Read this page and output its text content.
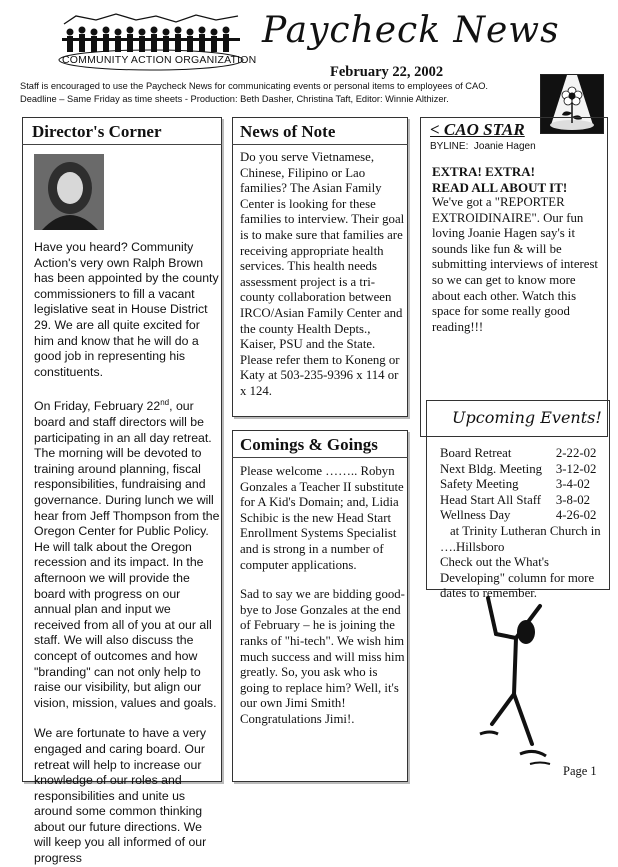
COMMUNITY ACTION ORGANIZATION
Paycheck News
February 22, 2002
Staff is encouraged to use the Paycheck News for communicating events or personal items to employees of CAO.
Deadline – Same Friday as time sheets - Production: Beth Dasher, Christina Taft, Editor: Winnie Althizer.
Director's Corner

Have you heard? Community Action's very own Ralph Brown has been appointed by the county commissioners to fill a vacant legislative seat in House District 29. We are all quite excited for him and know that he will do a good job in representing his constituents.

On Friday, February 22nd, our board and staff directors will be participating in an all day retreat. The morning will be devoted to training around planning, fiscal responsibilities, fundraising and governance. During lunch we will hear from Jeff Thompson from the Oregon Center for Public Policy. He will talk about the Oregon recession and its impact. In the afternoon we will provide the board with progress on our annual plan and input we received from all of you at our all staff. We will also discuss the concept of outcomes and how "branding" can not only help to raise our visibility, but align our vision, mission, values and goals.

We are fortunate to have a very engaged and caring board. Our retreat will help to increase our knowledge of our roles and responsibilities and unite us around some common thinking about our future directions. We will keep you all informed of our progress

News of Note

Do you serve Vietnamese, Chinese, Filipino or Lao families? The Asian Family Center is looking for these families to interview. Their goal is to make sure that families are receiving appropriate health services. This health needs assessment project is a tri-county collaboration between IRCO/Asian Family Center and the county Health Depts., Kaiser, PSU and the State. Please refer them to Koneng or Katy at 503-235-9396 x 114 or x 124.

Comings & Goings

Please welcome …….. Robyn Gonzales a Teacher II substitute for A Kid's Domain; and, Lidia Schibic is the new Head Start Enrollment Systems Specialist and is strong in a number of computer applications.

Sad to say we are bidding good-bye to Jose Gonzales at the end of February – he is joining the ranks of "hi-tech". We wish him much success and will miss him greatly. So, you ask who is going to replace him? Well, it's our own Jimi Smith! Congratulations Jimi!.

< CAO STAR
BYLINE: Joanie Hagen
EXTRA! EXTRA!
READ ALL ABOUT IT!

We've got a "REPORTER EXTROIDINAIRE". Our fun loving Joanie Hagen say's it sounds like fun & will be submitting interviews of interest so we can get to know more about each other. Watch this space for some really good reading!!!

Upcoming Events!
Board Retreat	2-22-02
Next Bldg. Meeting	3-12-02
Safety Meeting	3-4-02
Head Start All Staff	3-8-02
Wellness Day	4-26-02
at Trinity Lutheran Church in
….Hillsboro
Check out the What's Developing" column for more dates to remember.
Page 1
